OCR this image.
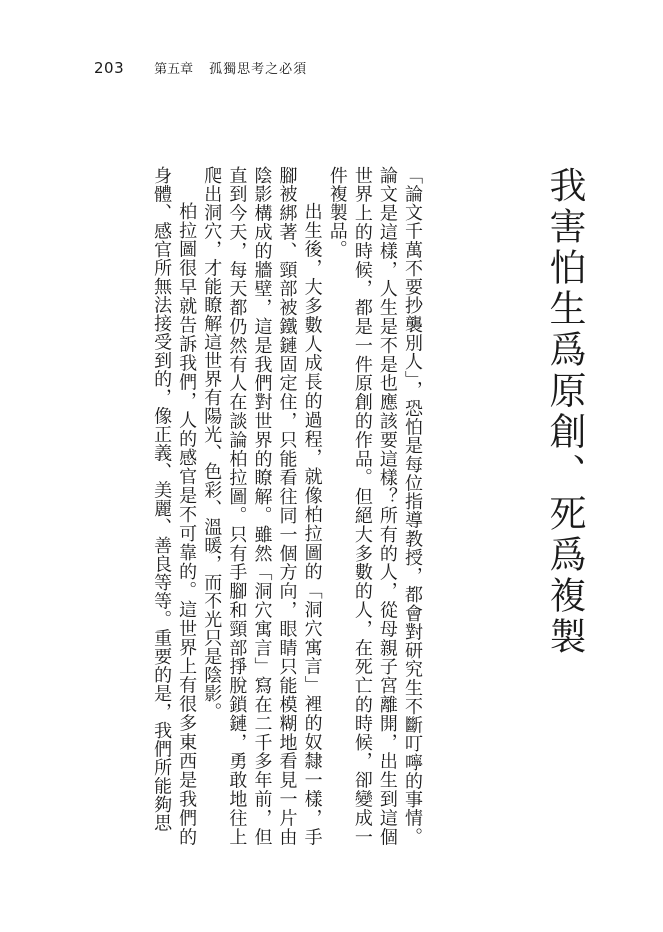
203 第五章 孤獨思考之必須
我害怕生爲原創、死爲複製

「論文千萬不要抄襲別人」，恐怕是每位指導教授，都會對研究生不斷叮嚀的事情。論文是這樣，人生是不是也應該要這樣？所有的人，從母親子宮離開，出生到這個世界上的時候，都是一件原創的作品。但絕大多數的人，在死亡的時候，卻變成一件複製品。

出生後，大多數人成長的過程，就像柏拉圖的「洞穴寓言」裡的奴隸一樣，手腳被綁著、頸部被鐵鏈固定住，只能看往同一個方向，眼睛只能模糊地看見一片由陰影構成的牆壁，這是我們對世界的瞭解。雖然「洞穴寓言」寫在二千多年前，但直到今天，每天都仍然有人在談論柏拉圖。只有手腳和頸部掙脫鎖鏈，勇敢地往上爬出洞穴，才能瞭解這世界有陽光、色彩、溫暖，而不光只是陰影。

柏拉圖很早就告訴我們，人的感官是不可靠的。這世界上有很多東西是我們的身體、感官所無法接受到的，像正義、美麗、善良等等。重要的是，我們所能夠思
